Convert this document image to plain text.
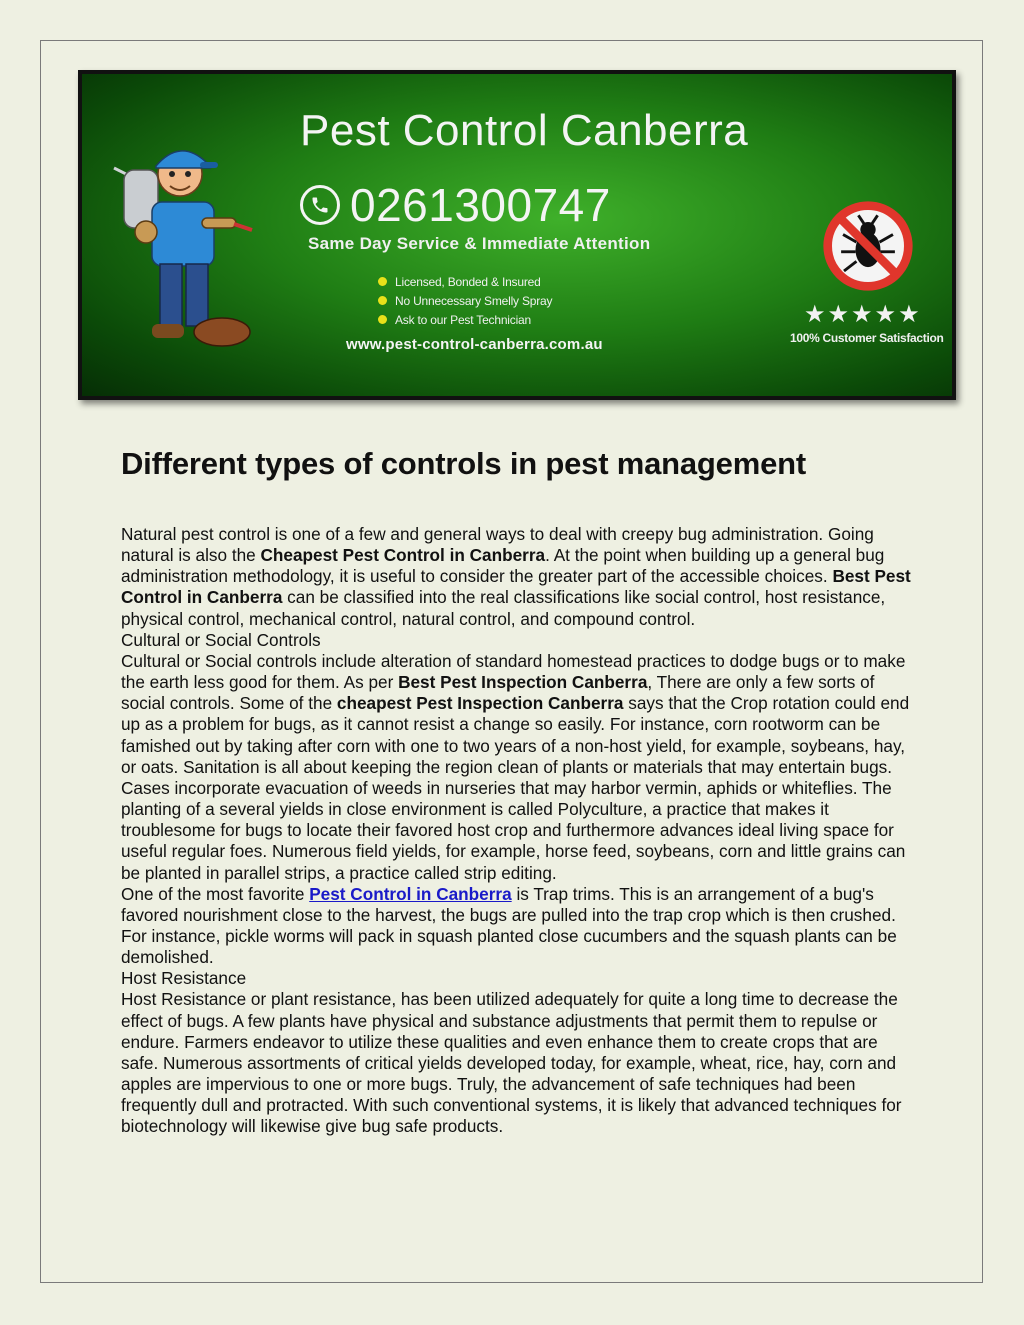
Pest Control Canberra
0261300747
Same Day Service & Immediate Attention
Licensed, Bonded & Insured
No Unnecessary Smelly Spray
Ask to our Pest Technician
www.pest-control-canberra.com.au
★★★★★
100% Customer Satisfaction
Different types of controls in pest management

Natural pest control is one of a few and general ways to deal with creepy bug administration. Going natural is also the Cheapest Pest Control in Canberra. At the point when building up a general bug administration methodology, it is useful to consider the greater part of the accessible choices. Best Pest Control in Canberra can be classified into the real classifications like social control, host resistance, physical control, mechanical control, natural control, and compound control.

Cultural or Social Controls

Cultural or Social controls include alteration of standard homestead practices to dodge bugs or to make the earth less good for them. As per Best Pest Inspection Canberra, There are only a few sorts of social controls. Some of the cheapest Pest Inspection Canberra says that the Crop rotation could end up as a problem for bugs, as it cannot resist a change so easily. For instance, corn rootworm can be famished out by taking after corn with one to two years of a non-host yield, for example, soybeans, hay, or oats. Sanitation is all about keeping the region clean of plants or materials that may entertain bugs. Cases incorporate evacuation of weeds in nurseries that may harbor vermin, aphids or whiteflies. The planting of a several yields in close environment is called Polyculture, a practice that makes it troublesome for bugs to locate their favored host crop and furthermore advances ideal living space for useful regular foes. Numerous field yields, for example, horse feed, soybeans, corn and little grains can be planted in parallel strips, a practice called strip editing.

One of the most favorite Pest Control in Canberra is Trap trims. This is an arrangement of a bug's favored nourishment close to the harvest, the bugs are pulled into the trap crop which is then crushed. For instance, pickle worms will pack in squash planted close cucumbers and the squash plants can be demolished.

Host Resistance

Host Resistance or plant resistance, has been utilized adequately for quite a long time to decrease the effect of bugs. A few plants have physical and substance adjustments that permit them to repulse or endure. Farmers endeavor to utilize these qualities and even enhance them to create crops that are safe. Numerous assortments of critical yields developed today, for example, wheat, rice, hay, corn and apples are impervious to one or more bugs. Truly, the advancement of safe techniques had been frequently dull and protracted. With such conventional systems, it is likely that advanced techniques for biotechnology will likewise give bug safe products.
